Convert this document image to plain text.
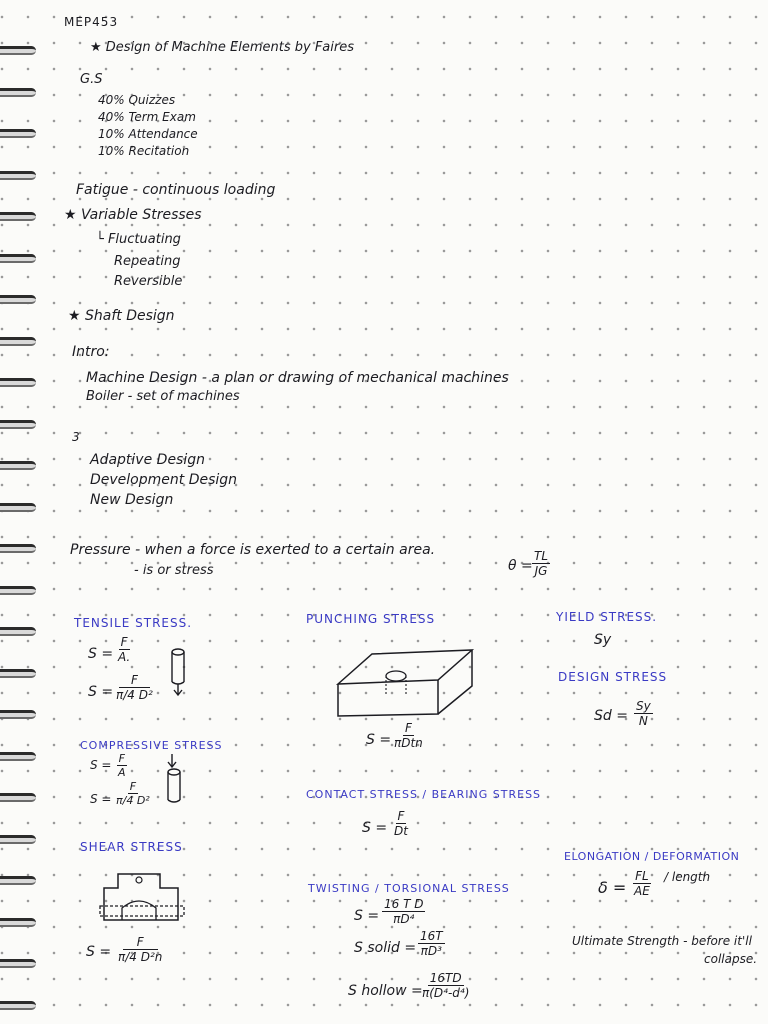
MEP453
★ Design of Machine Elements by Faires
G.S
40% Quizzes
40% Term Exam
10% Attendance
10% Recitation
Fatigue - continuous loading
★ Variable Stresses
└ Fluctuating
Repeating
Reversible
★ Shaft Design
Intro:
Machine Design - a plan or drawing of mechanical machines
Boiler - set of machines
3
Adaptive Design
Development Design
New Design
Pressure - when a force is exerted to a certain area.
- is or stress	$\theta = \frac{TL}{JG}$
TENSILE STRESS.
$S = \frac{F}{A.}$
$S = \frac{F}{\text{π/4 D²}}$
COMPRESSIVE STRESS
$S = \frac{F}{A}$
$S = \frac{F}{\text{π/4 D²}}$
SHEAR STRESS
$S = \frac{F}{\text{π/4 D²n}}$
PUNCHING STRESS
S =
F
πDtn
CONTACT STRESS / BEARING STRESS
$S = \frac{F}{Dt}$
TWISTING / TORSIONAL STRESS
$S = \frac{\text{16 T D}}{\text{πD⁴}}$
S solid = $\frac{16T}{\text{πD³}}$
S hollow =
$\frac{16TD}{\text{π(D⁴-d⁴)}}$
YIELD STRESS.
Sy
DESIGN STRESS
$Sd = \frac{Sy}{N}$
ELONGATION / DEFORMATION
$\delta = \frac{FL}{AE}$ / length
Ultimate Strength - before it'll
collapse.
